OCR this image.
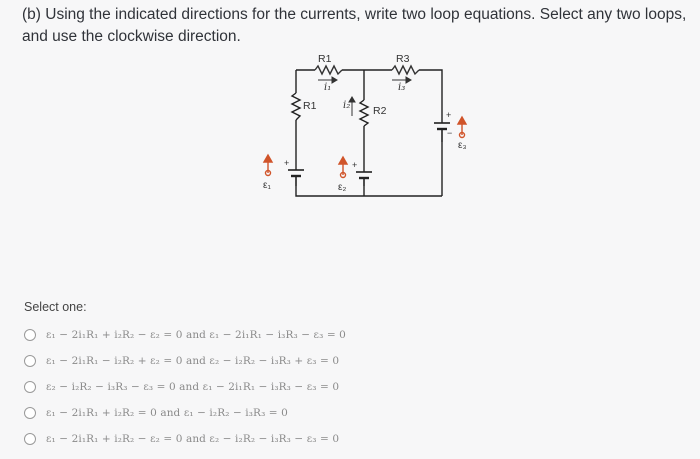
(b) Using the indicated directions for the currents, write two loop equations. Select any two loops, and use the clockwise direction.
R1	R3
i₁	i₃
R1	i₂ R2
ε₁	ε₂
ε₃
+	+
+
−
Select one:
ε₁ − 2i₁R₁ + i₂R₂ − ε₂ = 0 and ε₁ − 2i₁R₁ − i₃R₃ − ε₃ = 0
ε₁ − 2i₁R₁ − i₂R₂ + ε₂ = 0 and ε₂ − i₂R₂ − i₃R₃ + ε₃ = 0
ε₂ − i₂R₂ − i₃R₃ − ε₃ = 0 and ε₁ − 2i₁R₁ − i₃R₃ − ε₃ = 0
ε₁ − 2i₁R₁ + i₂R₂ = 0 and ε₁ − i₂R₂ − i₃R₃ = 0
ε₁ − 2i₁R₁ + i₂R₂ − ε₂ = 0 and ε₂ − i₂R₂ − i₃R₃ − ε₃ = 0
